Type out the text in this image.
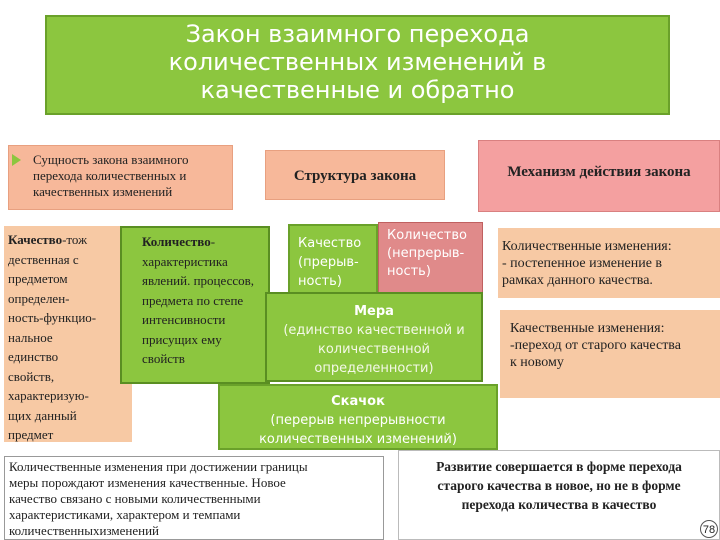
Закон взаимного перехода
количественных изменений в
качественные и обратно
Сущность закона взаимного
перехода количественных и
качественных изменений
Структура закона	Механизм действия закона
Качество-тож
дественная с
предметом
определен-
ность-функцио-
нальное
единство
свойств,
характеризую-
щих данный
предмет
Количество-
характеристика
явлений. процессов,
предмета по степе
интенсивности
присущих ему
свойств
Качество
(прерыв-
ность)
Количество
(непрерыв-
ность)
Мера
(единство качественной и
количественной
определенности)
Количественные изменения:
- постепенное изменение в
рамках данного качества.
Качественные изменения:
-переход от старого качества
к новому
Скачок
(перерыв непрерывности
количественных изменений)
Количественные изменения при достижении границы
меры порождают изменения качественные. Новое
качество связано с новыми количественными
характеристиками, характером и темпами
количественныхизменений
Развитие совершается в форме перехода
старого качества в новое, но не в форме
перехода количества в качество
78
